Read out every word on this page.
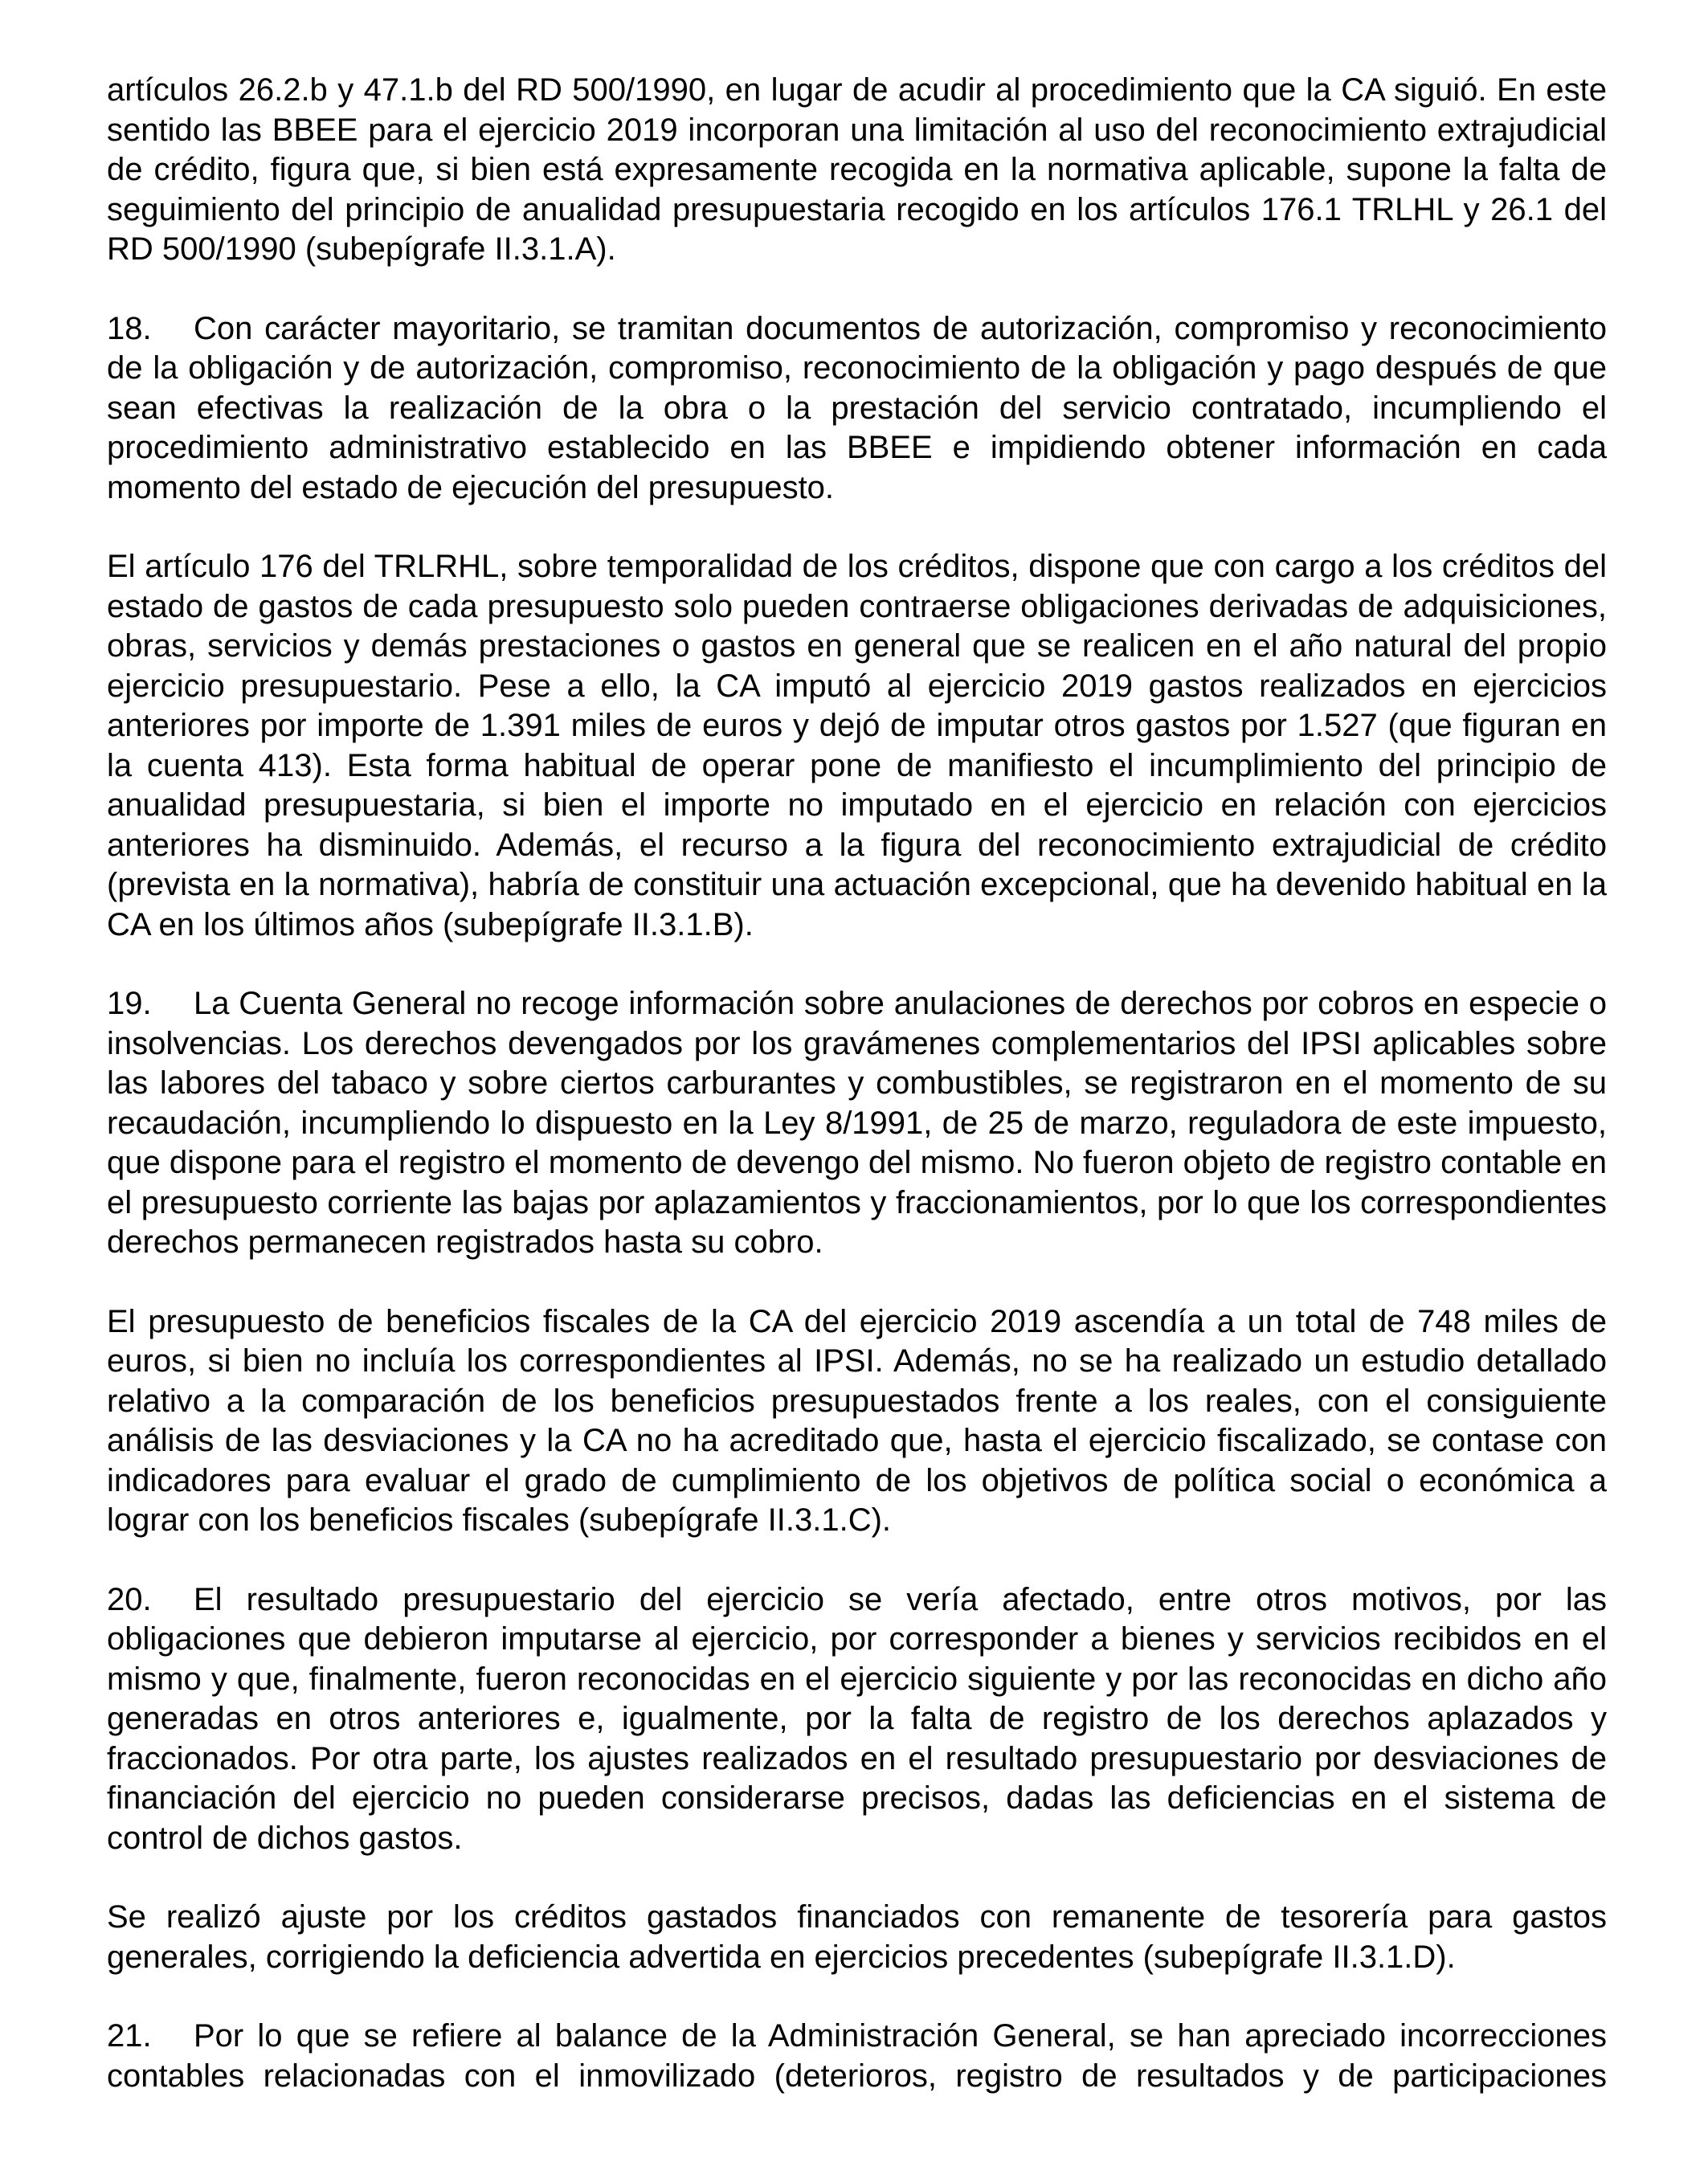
artículos 26.2.b y 47.1.b del RD 500/1990, en lugar de acudir al procedimiento que la CA siguió. En este sentido las BBEE para el ejercicio 2019 incorporan una limitación al uso del reconocimiento extrajudicial de crédito, figura que, si bien está expresamente recogida en la normativa aplicable, supone la falta de seguimiento del principio de anualidad presupuestaria recogido en los artículos 176.1 TRLHL y 26.1 del RD 500/1990 (subepígrafe II.3.1.A).

18. Con carácter mayoritario, se tramitan documentos de autorización, compromiso y reconocimiento de la obligación y de autorización, compromiso, reconocimiento de la obligación y pago después de que sean efectivas la realización de la obra o la prestación del servicio contratado, incumpliendo el procedimiento administrativo establecido en las BBEE e impidiendo obtener información en cada momento del estado de ejecución del presupuesto.

El artículo 176 del TRLRHL, sobre temporalidad de los créditos, dispone que con cargo a los créditos del estado de gastos de cada presupuesto solo pueden contraerse obligaciones derivadas de adquisiciones, obras, servicios y demás prestaciones o gastos en general que se realicen en el año natural del propio ejercicio presupuestario. Pese a ello, la CA imputó al ejercicio 2019 gastos realizados en ejercicios anteriores por importe de 1.391 miles de euros y dejó de imputar otros gastos por 1.527 (que figuran en la cuenta 413). Esta forma habitual de operar pone de manifiesto el incumplimiento del principio de anualidad presupuestaria, si bien el importe no imputado en el ejercicio en relación con ejercicios anteriores ha disminuido. Además, el recurso a la figura del reconocimiento extrajudicial de crédito (prevista en la normativa), habría de constituir una actuación excepcional, que ha devenido habitual en la CA en los últimos años (subepígrafe II.3.1.B).

19. La Cuenta General no recoge información sobre anulaciones de derechos por cobros en especie o insolvencias. Los derechos devengados por los gravámenes complementarios del IPSI aplicables sobre las labores del tabaco y sobre ciertos carburantes y combustibles, se registraron en el momento de su recaudación, incumpliendo lo dispuesto en la Ley 8/1991, de 25 de marzo, reguladora de este impuesto, que dispone para el registro el momento de devengo del mismo. No fueron objeto de registro contable en el presupuesto corriente las bajas por aplazamientos y fraccionamientos, por lo que los correspondientes derechos permanecen registrados hasta su cobro.

El presupuesto de beneficios fiscales de la CA del ejercicio 2019 ascendía a un total de 748 miles de euros, si bien no incluía los correspondientes al IPSI. Además, no se ha realizado un estudio detallado relativo a la comparación de los beneficios presupuestados frente a los reales, con el consiguiente análisis de las desviaciones y la CA no ha acreditado que, hasta el ejercicio fiscalizado, se contase con indicadores para evaluar el grado de cumplimiento de los objetivos de política social o económica a lograr con los beneficios fiscales (subepígrafe II.3.1.C).

20. El resultado presupuestario del ejercicio se vería afectado, entre otros motivos, por las obligaciones que debieron imputarse al ejercicio, por corresponder a bienes y servicios recibidos en el mismo y que, finalmente, fueron reconocidas en el ejercicio siguiente y por las reconocidas en dicho año generadas en otros anteriores e, igualmente, por la falta de registro de los derechos aplazados y fraccionados. Por otra parte, los ajustes realizados en el resultado presupuestario por desviaciones de financiación del ejercicio no pueden considerarse precisos, dadas las deficiencias en el sistema de control de dichos gastos.

Se realizó ajuste por los créditos gastados financiados con remanente de tesorería para gastos generales, corrigiendo la deficiencia advertida en ejercicios precedentes (subepígrafe II.3.1.D).

21. Por lo que se refiere al balance de la Administración General, se han apreciado incorrecciones contables relacionadas con el inmovilizado (deterioros, registro de resultados y de participaciones
